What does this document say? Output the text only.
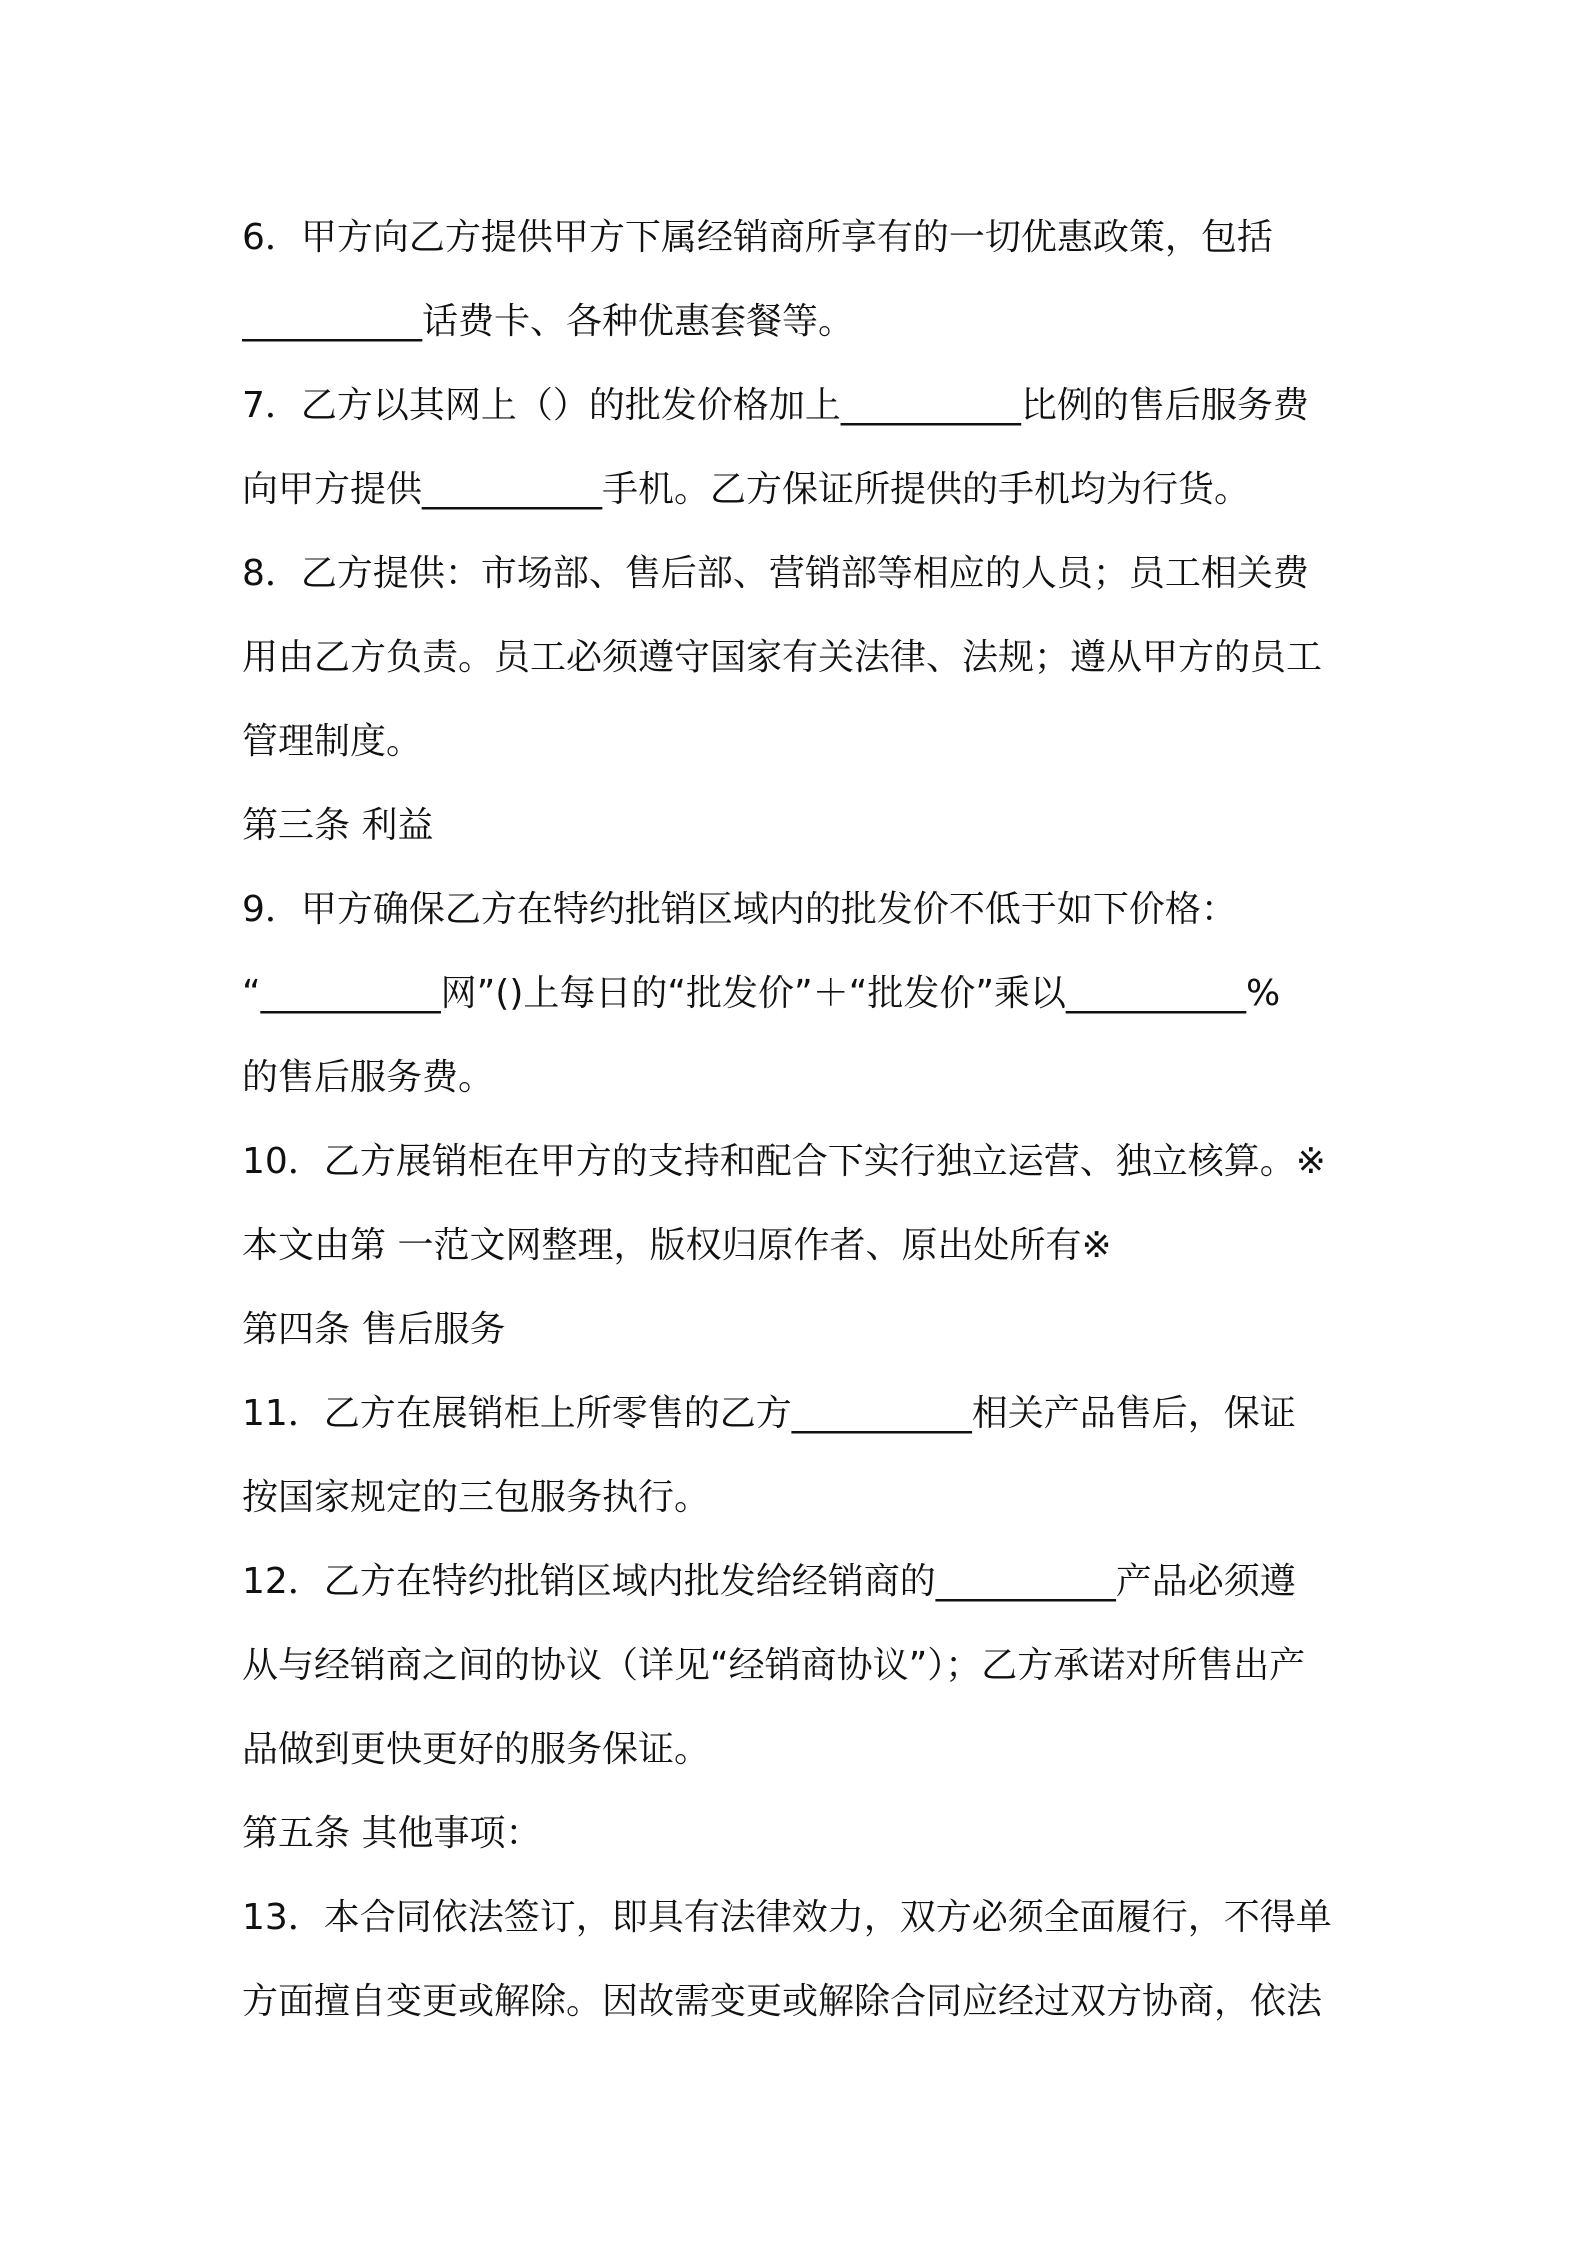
6．甲方向乙方提供甲方下属经销商所享有的一切优惠政策，包括
__________话费卡、各种优惠套餐等。
7．乙方以其网上（）的批发价格加上__________比例的售后服务费
向甲方提供__________手机。乙方保证所提供的手机均为行货。
8．乙方提供：市场部、售后部、营销部等相应的人员；员工相关费
用由乙方负责。员工必须遵守国家有关法律、法规；遵从甲方的员工
管理制度。
第三条 利益
9．甲方确保乙方在特约批销区域内的批发价不低于如下价格：
“__________网”()上每日的“批发价”＋“批发价”乘以__________%
的售后服务费。
10．乙方展销柜在甲方的支持和配合下实行独立运营、独立核算。※
本文由第 一范文网整理，版权归原作者、原出处所有※
第四条 售后服务
11．乙方在展销柜上所零售的乙方__________相关产品售后，保证
按国家规定的三包服务执行。
12．乙方在特约批销区域内批发给经销商的__________产品必须遵
从与经销商之间的协议（详见“经销商协议”）；乙方承诺对所售出产
品做到更快更好的服务保证。
第五条 其他事项：
13．本合同依法签订，即具有法律效力，双方必须全面履行，不得单
方面擅自变更或解除。因故需变更或解除合同应经过双方协商，依法
